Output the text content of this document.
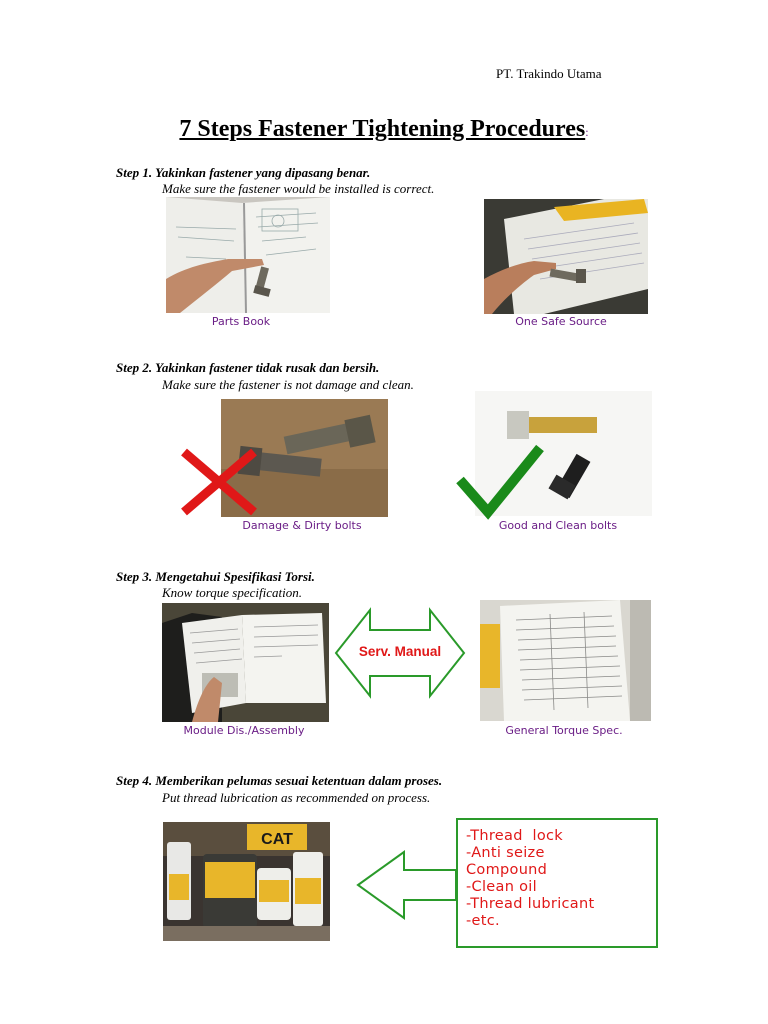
PT. Trakindo Utama
7 Steps Fastener Tightening Procedures:
Step 1. Yakinkan fastener yang dipasang benar.
Make sure the fastener would be installed is correct.
Parts Book	One Safe Source
Step 2. Yakinkan fastener tidak rusak dan bersih.
Make sure the fastener is not damage and clean.
Damage & Dirty bolts	Good and Clean bolts
Step 3. Mengetahui Spesifikasi Torsi.
Know torque specification.
Serv. Manual
Module Dis./Assembly	General Torque Spec.
Step 4. Memberikan pelumas sesuai ketentuan dalam proses.
Put thread lubrication as recommended on process.
CAT	-Thread  lock
-Anti seize
Compound
-Clean oil
-Thread lubricant
-etc.
